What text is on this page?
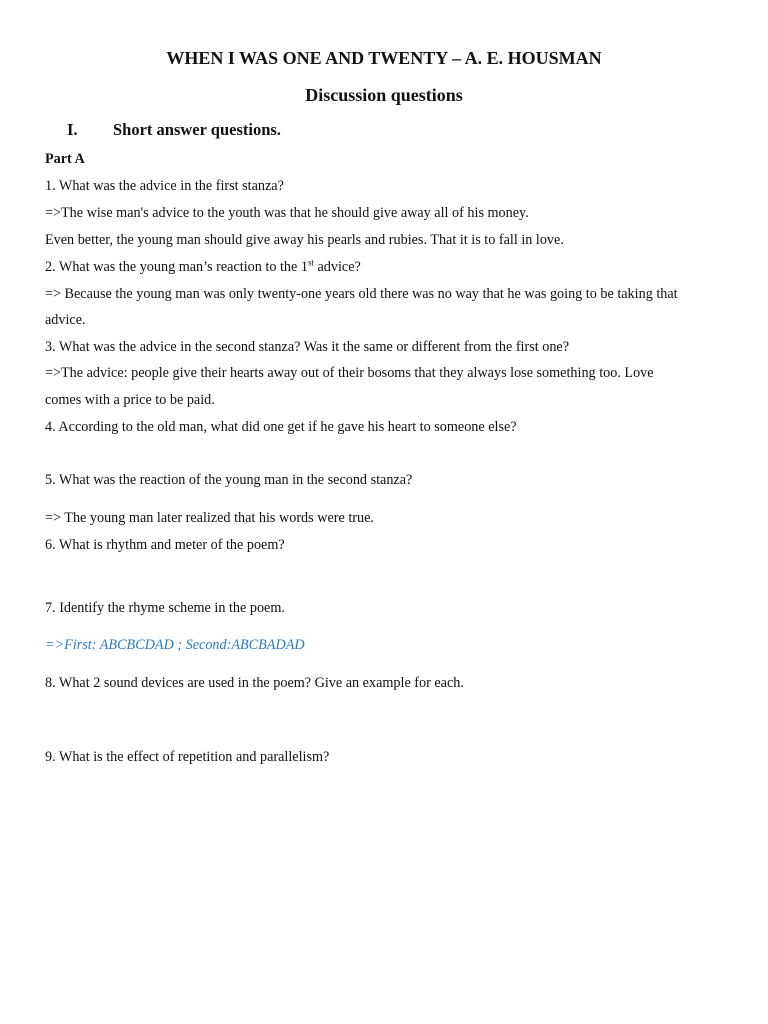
WHEN I WAS ONE AND TWENTY – A. E. HOUSMAN
Discussion questions
I. Short answer questions.
Part A
1. What was the advice in the first stanza?
=>The wise man's advice to the youth was that he should give away all of his money.
Even better, the young man should give away his pearls and rubies. That it is to fall in love.
2. What was the young man’s reaction to the 1st advice?
=> Because the young man was only twenty-one years old there was no way that he was going to be taking that
advice.
3. What was the advice in the second stanza? Was it the same or different from the first one?
=>The advice: people give their hearts away out of their bosoms that they always lose something too. Love
comes with a price to be paid.
4. According to the old man, what did one get if he gave his heart to someone else?
5. What was the reaction of the young man in the second stanza?
=> The young man later realized that his words were true.
6. What is rhythm and meter of the poem?
7. Identify the rhyme scheme in the poem.
=>First: ABCBCDAD ; Second:ABCBADAD
8. What 2 sound devices are used in the poem? Give an example for each.
9. What is the effect of repetition and parallelism?
